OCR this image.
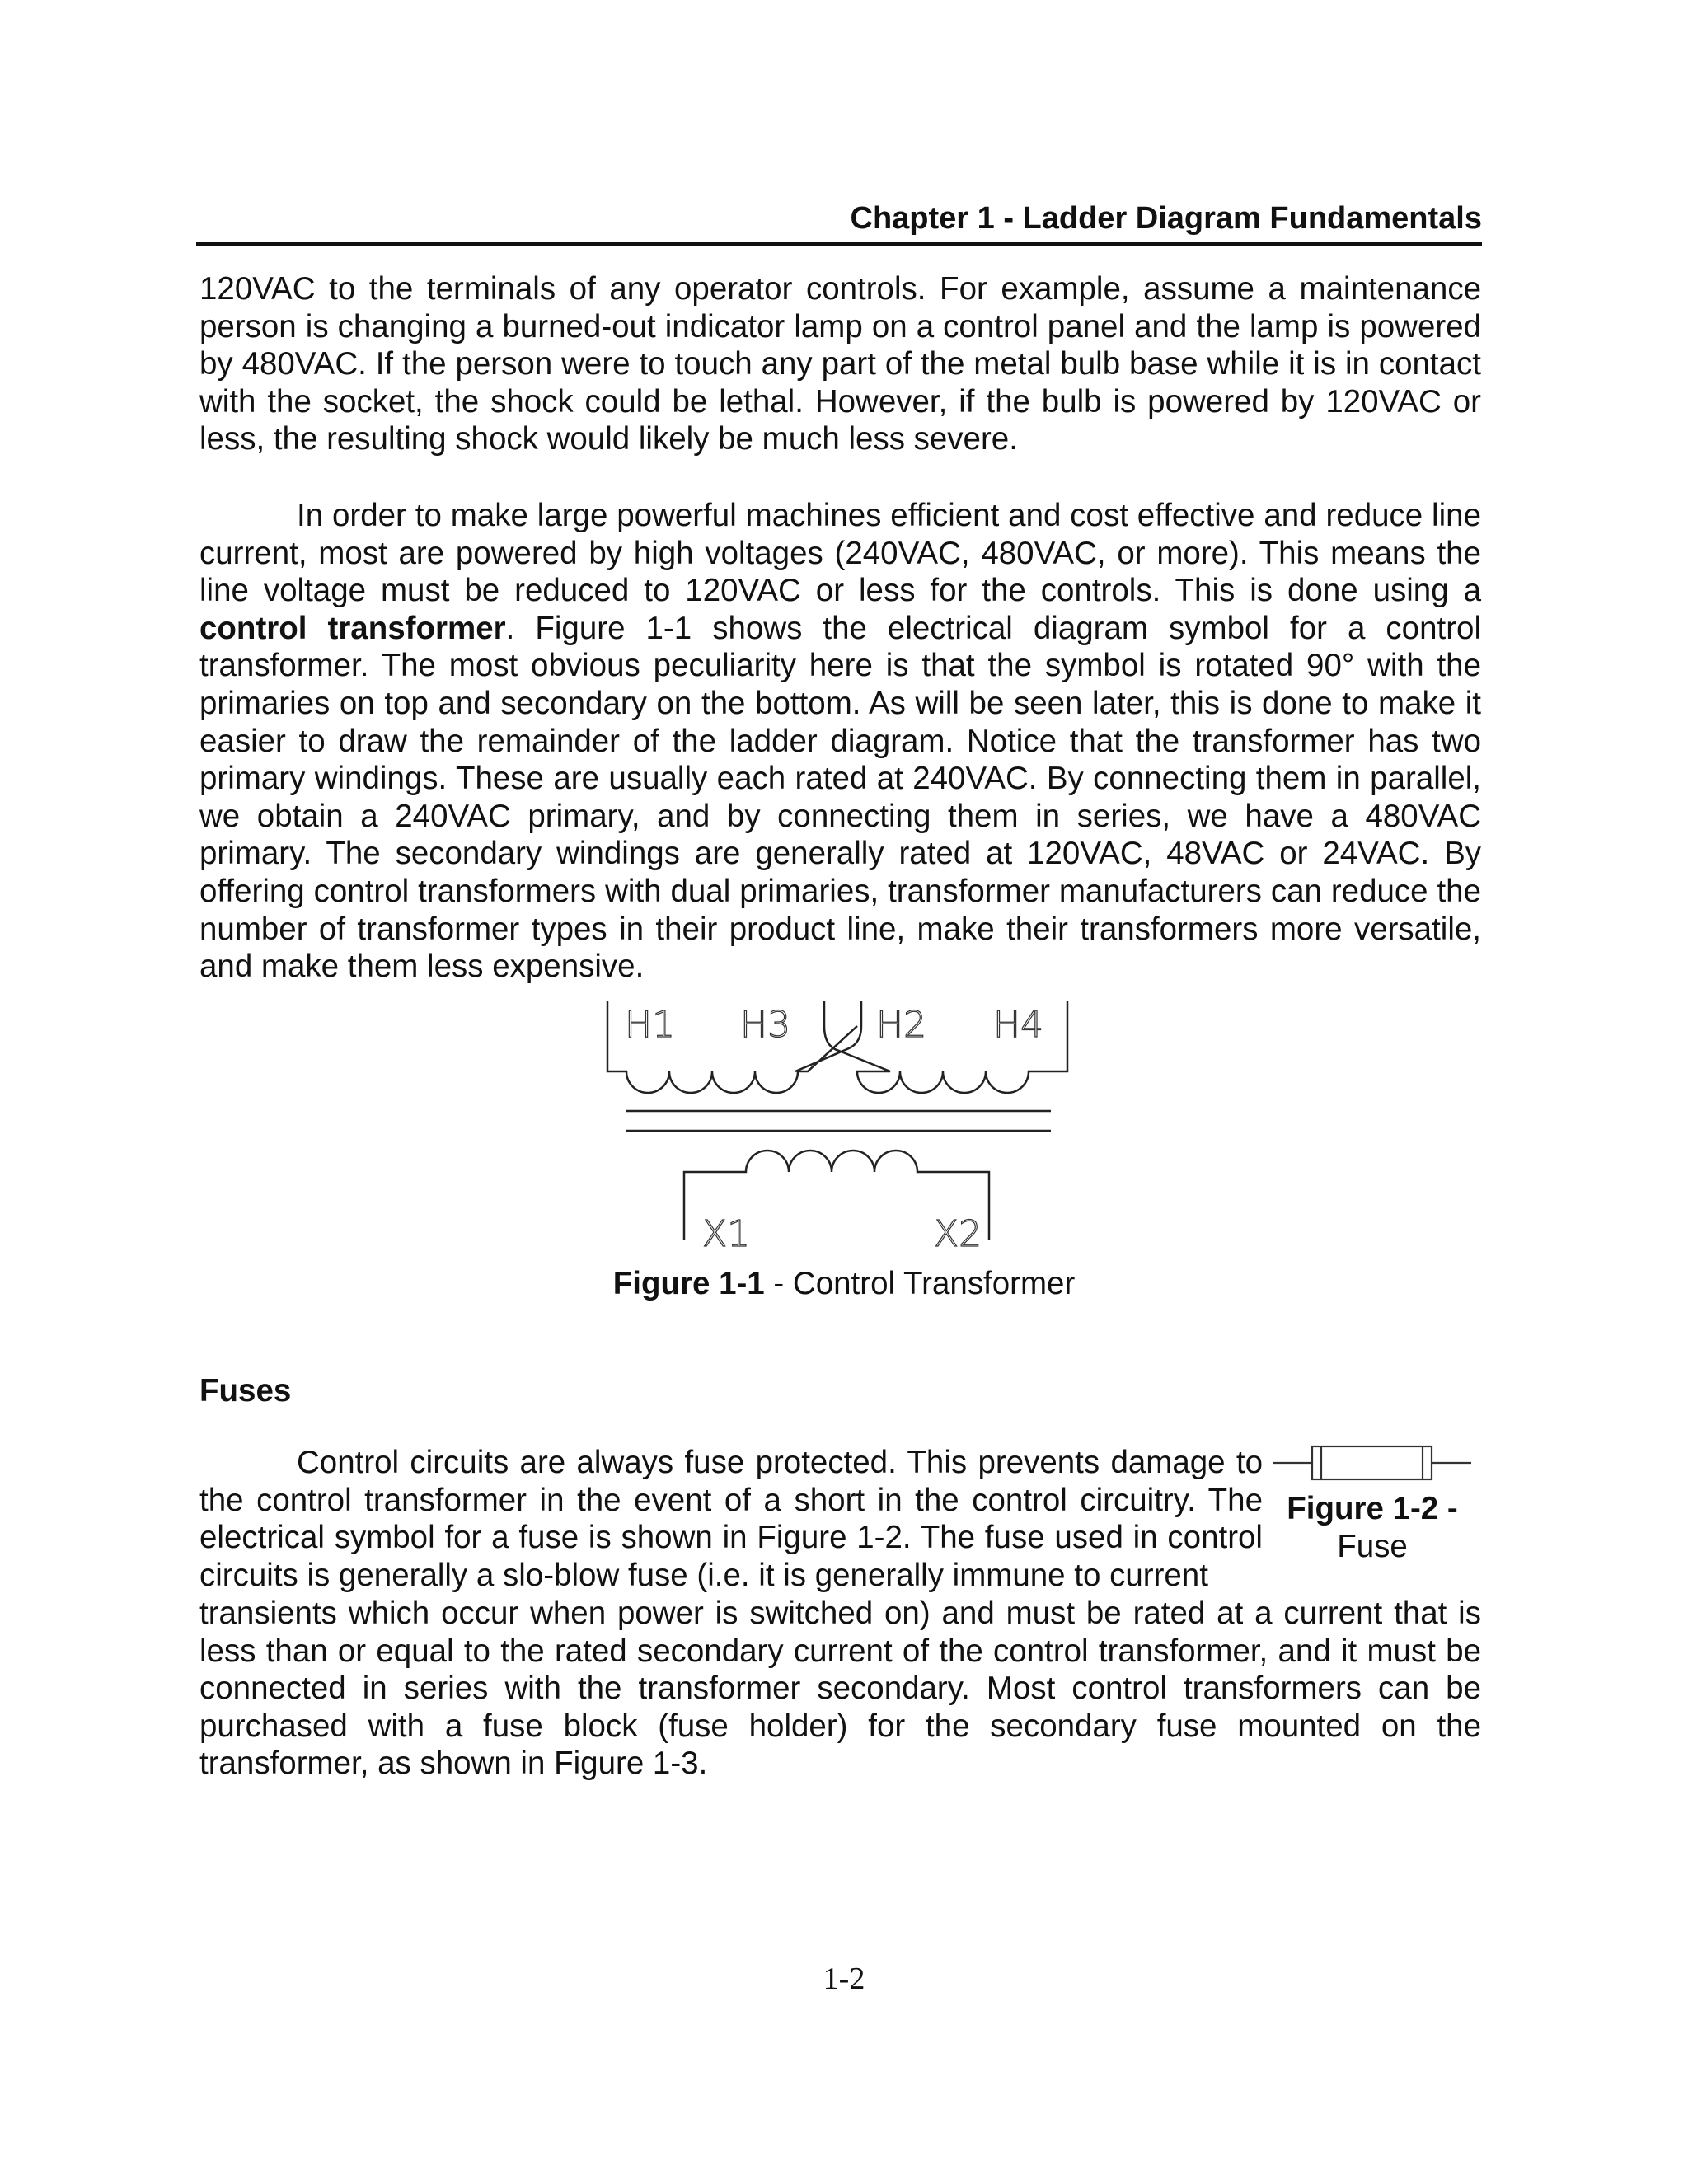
Chapter 1 - Ladder Diagram Fundamentals

120VAC to the terminals of any operator controls. For example, assume a maintenance person is changing a burned-out indicator lamp on a control panel and the lamp is powered by 480VAC. If the person were to touch any part of the metal bulb base while it is in contact with the socket, the shock could be lethal. However, if the bulb is powered by 120VAC or less, the resulting shock would likely be much less severe.

In order to make large powerful machines efficient and cost effective and reduce line current, most are powered by high voltages (240VAC, 480VAC, or more). This means the line voltage must be reduced to 120VAC or less for the controls. This is done using a control transformer. Figure 1-1 shows the electrical diagram symbol for a control transformer. The most obvious peculiarity here is that the symbol is rotated 90° with the primaries on top and secondary on the bottom. As will be seen later, this is done to make it easier to draw the remainder of the ladder diagram. Notice that the transformer has two primary windings. These are usually each rated at 240VAC. By connecting them in parallel, we obtain a 240VAC primary, and by connecting them in series, we have a 480VAC primary. The secondary windings are generally rated at 120VAC, 48VAC or 24VAC. By offering control transformers with dual primaries, transformer manufacturers can reduce the number of transformer types in their product line, make their transformers more versatile, and make them less expensive.

H1 H3 H2 H4
X1	X2
Figure 1-1 - Control Transformer
Fuses

Control circuits are always fuse protected. This prevents damage to the control transformer in the event of a short in the control circuitry. The electrical symbol for a fuse is shown in Figure 1-2. The fuse used in control circuits is generally a slo-blow fuse (i.e. it is generally immune to current

Figure 1-2 -
Fuse

transients which occur when power is switched on) and must be rated at a current that is less than or equal to the rated secondary current of the control transformer, and it must be connected in series with the transformer secondary. Most control transformers can be purchased with a fuse block (fuse holder) for the secondary fuse mounted on the transformer, as shown in Figure 1-3.

1-2
